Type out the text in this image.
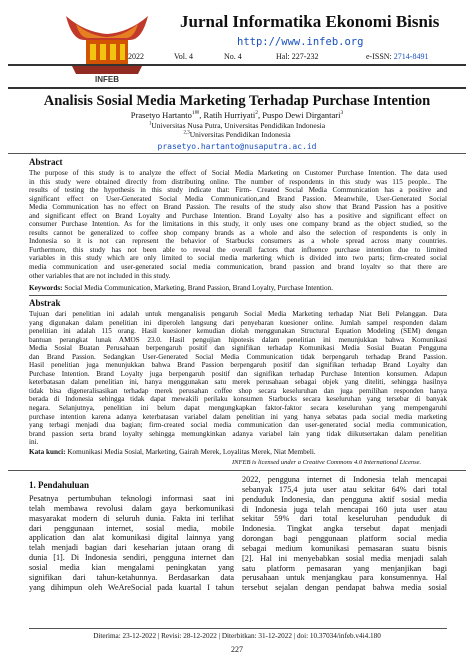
INFEB
Jurnal Informatika Ekonomi Bisnis
http://www.infeb.org
2022	Vol. 4	No. 4	Hal: 227-232	e-ISSN: 2714-8491
Analisis Sosial Media Marketing Terhadap Purchase Intention
Prasetyo Hartanto$^{1✉}$, Ratih Hurriyati$^2$, Puspo Dewi Dirgantari$^3$
$^1$Universitas Nusa Putra, Universitas Pendidikan Indonesia
$^{2,3}$Universitas Pendidikan Indonesia
prasetyo.hartanto@nusaputra.ac.id
Abstract
The purpose of this study is to analyze the effect of Social Media Marketing on Customer Purchase Intention. The data used
in this study were obtained directly from distributing online. The number of respondents in this study was 115 people.. The
results of testing the hypothesis in this study indicate that: Firm- Created Social Media Communication has a positive and
significant effect on User-Generated Social Media Communication,and Brand Passion. Meanwhile, User-Generated Social
Media Communication has no effect on Brand Passion. The results of the study also show that Brand Passion has a positive
and significant effect on Brand Loyalty and Purchase Intention. Brand Loyalty also has a positive and significant effect on
consumer Purchase Intention. As for the limitations in this study, it only uses one company brand as the object studied, so the
results cannot be generalized to coffee shop company brands as a whole and also the selection of respondents is only in
Indonesia so it is not can represent the behavior of Starbucks consumers as a whole spread across many countries.
Furthermore, this study has not been able to reveal the overall factors that influence purchase intention due to limited
variables in this study which are only limited to social media marketing which is divided into two parts; firm-created social
media communication and user-generated social media communication, brand passion and brand loyaltv so that there are
other variables that are not included in this study.
Keywords: Social Media Communication, Marketing, Brand Passion, Brand Loyalty, Purchase Intention.
Abstrak
Tujuan dari penelitian ini adalah untuk menganalisis pengaruh Social Media Marketing terhadap Niat Beli Pelanggan. Data
yang digunakan dalam penelitian ini diperoleh langsung dari penyebaran kuesioner online. Jumlah sampel responden dalam
penelitian ini adalah 115 orang. Hasil kuesioner kemudian diolah menggunakan Structural Equation Modeling (SEM) dengan
bantuan perangkat lunak AMOS 23.0. Hasil pengujian hipotesis dalam penelitian ini menunjukkan bahwa Komunikasi
Media Sosial Buatan Perusahaan berpengaruh positif dan signifikan terhadap Komunikasi Media Sosial Buatan Pengguna
dan Brand Passion. Sedangkan User-Generated Social Media Communication tidak berpengaruh terhadap Brand Passion.
Hasil penelitian juga menunjukkan bahwa Brand Passion berpengaruh positif dan signifikan terhadap Brand Loyalty dan
Purchase Intention. Brand Loyalty juga berpengaruh positif dan signifikan terhadap Purchase Intention konsumen. Adapun
keterbatasan dalam penelitian ini, hanya menggunakan satu merek perusahaan sebagai objek yang diteliti, sehingga hasilnya
tidak bisa digeneralisasikan terhadap merek perusahan coffee shop secara keseluruhan dan juga pemilihan responden hanya
berada di Indonesia sehingga tidak dapat mewakili perilaku konsumen Starbucks secara keseluruhan yang tersebar di banyak
negara. Selanjutnya, penelitian ini belum dapat mengungkapkan faktor-faktor secara keseluruhan yang mempengaruhi
purchase intention karena adanya keterbatasan variabel dalam penelitian ini yang hanya sebatas pada social media marketing
yang terbagi menjadi dua bagian; firm-created social media communication dan user-generated social media communication,
brand passion serta brand loyalty sehingga memungkinkan adanya variabel lain yang tidak diikutsertakan dalam penelitian
ini.
Kata kunci: Komunikasi Media Sosial, Marketing, Gairah Merek, Loyalitas Merek, Niat Membeli.
INFEB is licensed under a Creative Commons 4.0 International License.
1. Pendahuluan
Pesatnya pertumbuhan teknologi informasi saat ini
telah membawa revolusi dalam gaya berkomunikasi
masyarakat modern di seluruh dunia. Fakta ini terlihat
dari penggunaan internet, sosial media, mobile
application dan alat komunikasi digital lainnya yang
telah menjadi bagian dari keseharian jutaan orang di
dunia [1]. Di Indonesia sendiri, pengguna internet dan
sosial media kian mengalami peningkatan yang
signifikan dari tahun-ketahunnya. Berdasarkan data
yang dihimpun oleh WeAreSocial pada kuartal I tahun
2022, pengguna internet di Indonesia telah mencapai
sebanyak 175,4 juta user atau sekitar 64% dari total
penduduk Indonesia, dan pengguna aktif sosial media
di Indonesia juga telah mencapai 160 juta user atau
sekitar 59% dari total keseluruhan penduduk di
Indonesia. Tingkat angka tersebut dapat menjadi
dorongan bagi penggunaan platform social media
sebagai medium komunikasi pemasaran suatu bisnis
[2]. Hal ini menyebabkan sosial media menjadi salah
satu platform pemasaran yang menjanjikan bagi
perusahaan untuk menjangkau para konsumennya. Hal
tersebut sejalan dengan pendapat bahwa media sosial
Diterima: 23-12-2022 | Revisi: 28-12-2022 | Diterbitkan: 31-12-2022 | doi: 10.37034/infeb.v4i4.180
227
